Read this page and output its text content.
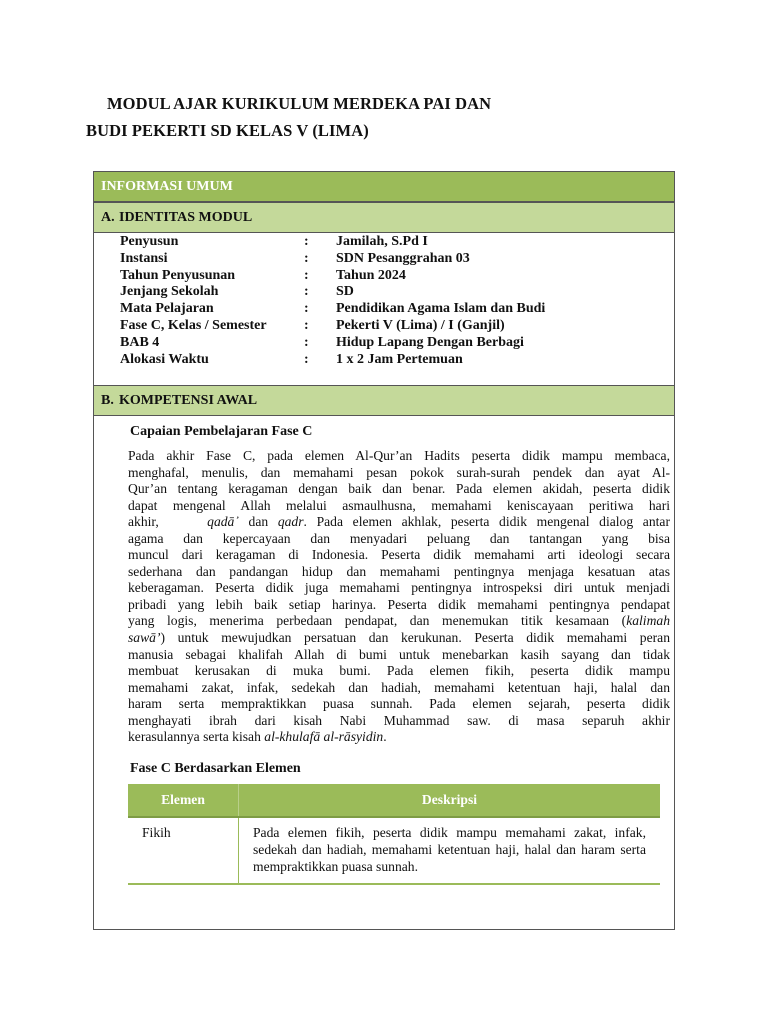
MODUL AJAR KURIKULUM MERDEKA PAI DAN
BUDI PEKERTI SD KELAS V (LIMA)
INFORMASI UMUM
A. IDENTITAS MODUL
Penyusun	: Jamilah, S.Pd I
Instansi	: SDN Pesanggrahan 03
Tahun Penyusunan	: Tahun 2024
Jenjang Sekolah	: SD
Mata Pelajaran	: Pendidikan Agama Islam dan Budi
Fase C, Kelas / Semester	: Pekerti V (Lima) / I (Ganjil)
BAB 4	: Hidup Lapang Dengan Berbagi
Alokasi Waktu	: 1 x 2 Jam Pertemuan
B. KOMPETENSI AWAL
Capaian Pembelajaran Fase C
Pada akhir Fase C, pada elemen Al-Qur’an Hadits peserta didik mampu membaca,
menghafal, menulis, dan memahami pesan pokok surah-surah pendek dan ayat Al-
Qur’an tentang keragaman dengan baik dan benar. Pada elemen akidah, peserta didik
dapat mengenal Allah melalui asmaulhusna, memahami keniscayaan peritiwa hari
akhir,	qadā᾽ dan qadr. Pada elemen akhlak, peserta didik mengenal dialog antar
agama dan kepercayaan dan menyadari peluang dan tantangan yang bisa
muncul dari keragaman di Indonesia. Peserta didik memahami arti ideologi secara
sederhana dan pandangan hidup dan memahami pentingnya menjaga kesatuan atas
keberagaman. Peserta didik juga memahami pentingnya introspeksi diri untuk menjadi
pribadi yang lebih baik setiap harinya. Peserta didik memahami pentingnya pendapat
yang logis, menerima perbedaan pendapat, dan menemukan titik kesamaan (kalimah
sawā’) untuk mewujudkan persatuan dan kerukunan. Peserta didik memahami peran
manusia sebagai khalifah Allah di bumi untuk menebarkan kasih sayang dan tidak
membuat kerusakan di muka bumi. Pada elemen fikih, peserta didik mampu
memahami zakat, infak, sedekah dan hadiah, memahami ketentuan haji, halal dan
haram serta mempraktikkan puasa sunnah. Pada elemen sejarah, peserta didik
menghayati ibrah dari kisah Nabi Muhammad saw. di masa separuh akhir
kerasulannya serta kisah al-khulafā al-rāsyidin.
Fase C Berdasarkan Elemen
Elemen	Deskripsi
Fikih	Pada elemen fikih, peserta didik mampu memahami zakat, infak, sedekah dan hadiah, memahami ketentuan haji, halal dan haram serta mempraktikkan puasa sunnah.
